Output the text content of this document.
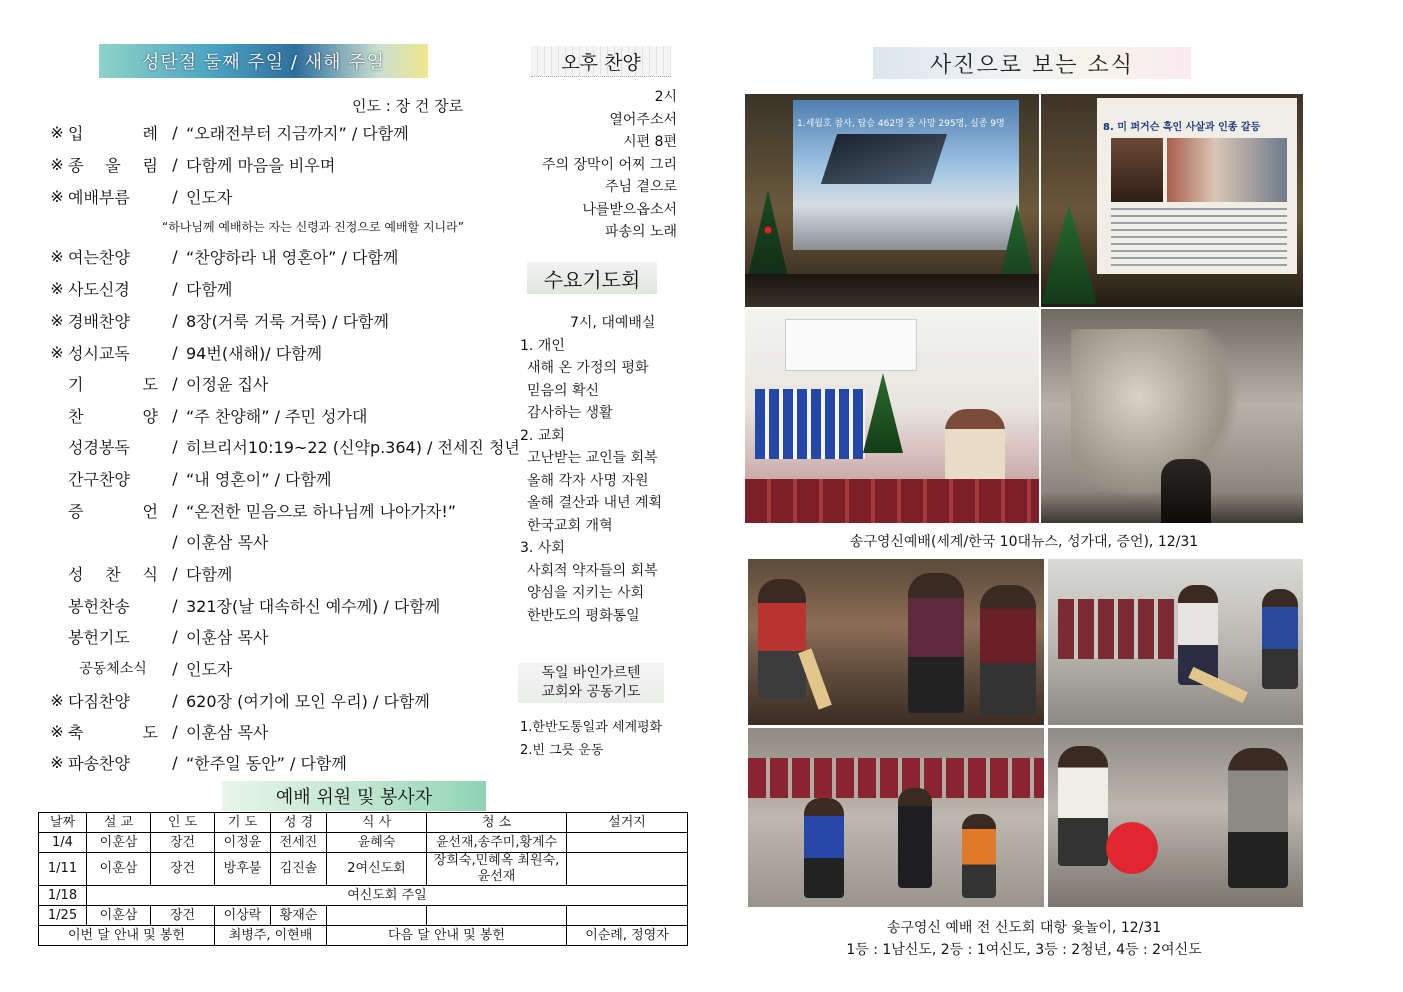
성탄절 둘째 주일 / 새해 주일
인도 : 장 건 장로
※ 입 례 / “오래전부터 지금까지” / 다함께
※ 종 울 림 / 다함께 마음을 비우며
※ 예배부름	/ 인도자
※ 여는찬양	/ “찬양하라 내 영혼아” / 다함께
※ 사도신경	/ 다함께
※ 경배찬양	/ 8장(거룩 거룩 거룩) / 다함께
※ 성시교독	/ 94번(새해)/ 다함께
기 도 / 이정윤 집사
찬 양 / “주 찬양해” / 주민 성가대
성경봉독	/ 히브리서10:19~22 (신약p.364) / 전세진 청년
간구찬양	/ “내 영혼이” / 다함께
증 언 / “온전한 믿음으로 하나님께 나아가자!”
/ 이훈삼 목사
성 찬 식 / 다함께
봉헌찬송	/ 321장(날 대속하신 예수께) / 다함께
봉헌기도	/ 이훈삼 목사
공동체소식	/ 인도자
※ 다짐찬양	/ 620장 (여기에 모인 우리) / 다함께
※ 축 도 / 이훈삼 목사
※ 파송찬양	/ “한주일 동안” / 다함께
“하나님께 예배하는 자는 신령과 진정으로 예배할 지니라”
오후 찬양
2시
열어주소서
시편 8편
주의 장막이 어찌 그리
주님 곁으로
나를받으옵소서
파송의 노래
수요기도회
7시, 대예배실
1. 개인
새해 온 가정의 평화
믿음의 확신
감사하는 생활
2. 교회
고난받는 교인들 회복
올해 각자 사명 자원
올해 결산과 내년 계획
한국교회 개혁
3. 사회
사회적 약자들의 회복
양심을 지키는 사회
한반도의 평화통일
독일 바인가르텐
교회와 공동기도
1.한반도통일과 세계평화
2.빈 그릇 운동
사진으로 보는 소식
1.세월호 참사, 탑승 462명 중 사망 295명, 실종 9명	8. 미 퍼거슨 흑인 사살과 인종 갈등
송구영신예배(세계/한국 10대뉴스, 성가대, 증언), 12/31
송구영신 예배 전 신도회 대항 윷놀이, 12/31
1등 : 1남신도, 2등 : 1여신도, 3등 : 2청년, 4등 : 2여신도
예배 위원 및 봉사자
날짜	설 교	인 도	기 도	성 경	식 사	청 소	설거지
1/4	이훈삼	장건	이정윤	전세진	윤혜숙	윤선재,송주미,황계수	
1/11	이훈삼	장건	방후불	김진솔	2여신도회	장희숙,민혜옥 최원숙,윤선재	
1/18	여신도회 주일						
1/25	이훈삼	장건	이상락	황재순			
이번 달 안내 및 봉헌			최병주, 이현배		다음 달 안내 및 봉헌		이순례, 정영자
